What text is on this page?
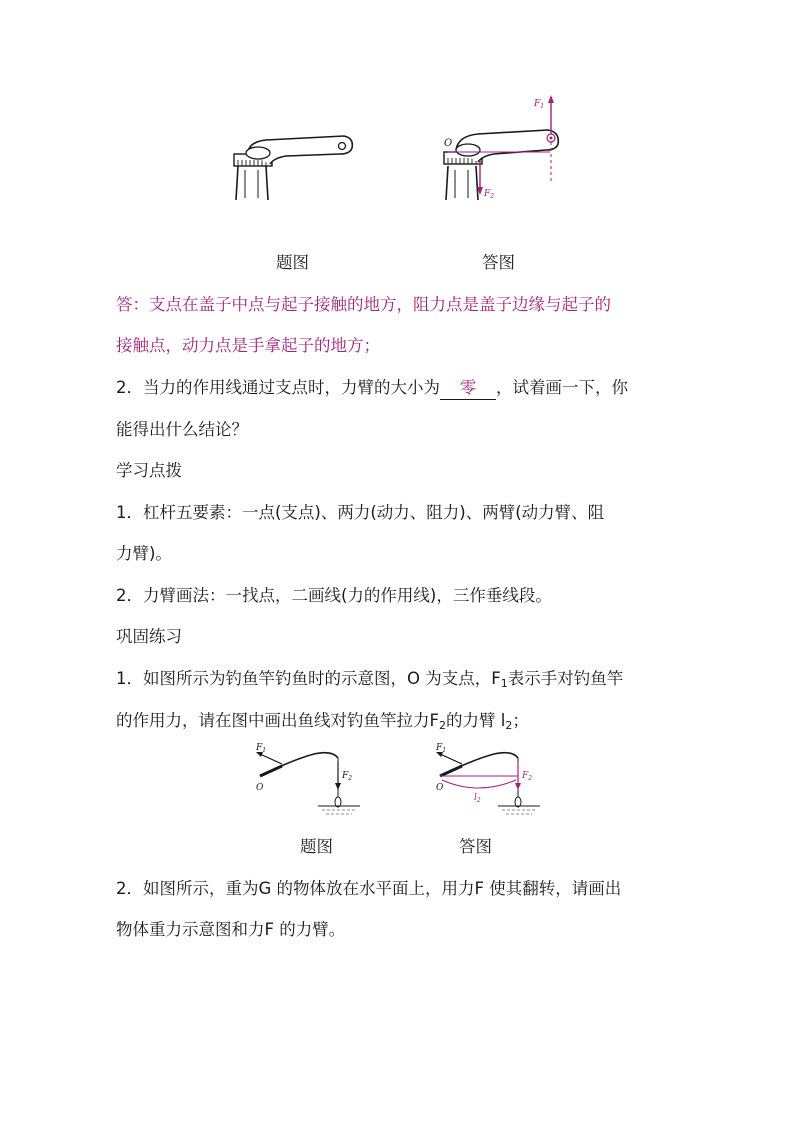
O
$F_1$
$F_2$
题图	答图
答：支点在盖子中点与起子接触的地方，阻力点是盖子边缘与起子的
接触点，动力点是手拿起子的地方；
2．当力的作用线通过支点时，力臂的大小为 零 ，试着画一下，你
能得出什么结论？
学习点拨
1．杠杆五要素：一点(支点)、两力(动力、阻力)、两臂(动力臂、阻
力臂)。
2．力臂画法：一找点，二画线(力的作用线)，三作垂线段。
巩固练习
1．如图所示为钓鱼竿钓鱼时的示意图，O 为支点，$F_1$表示手对钓鱼竿
的作用力，请在图中画出鱼线对钓鱼竿拉力$F_2$的力臂 $l_2$；
$F_1$
O
$F_2$
$F_1$
O
$F_2$
$l_2$
题图	答图
2．如图所示，重为G 的物体放在水平面上，用力F 使其翻转，请画出
物体重力示意图和力F 的力臂。
